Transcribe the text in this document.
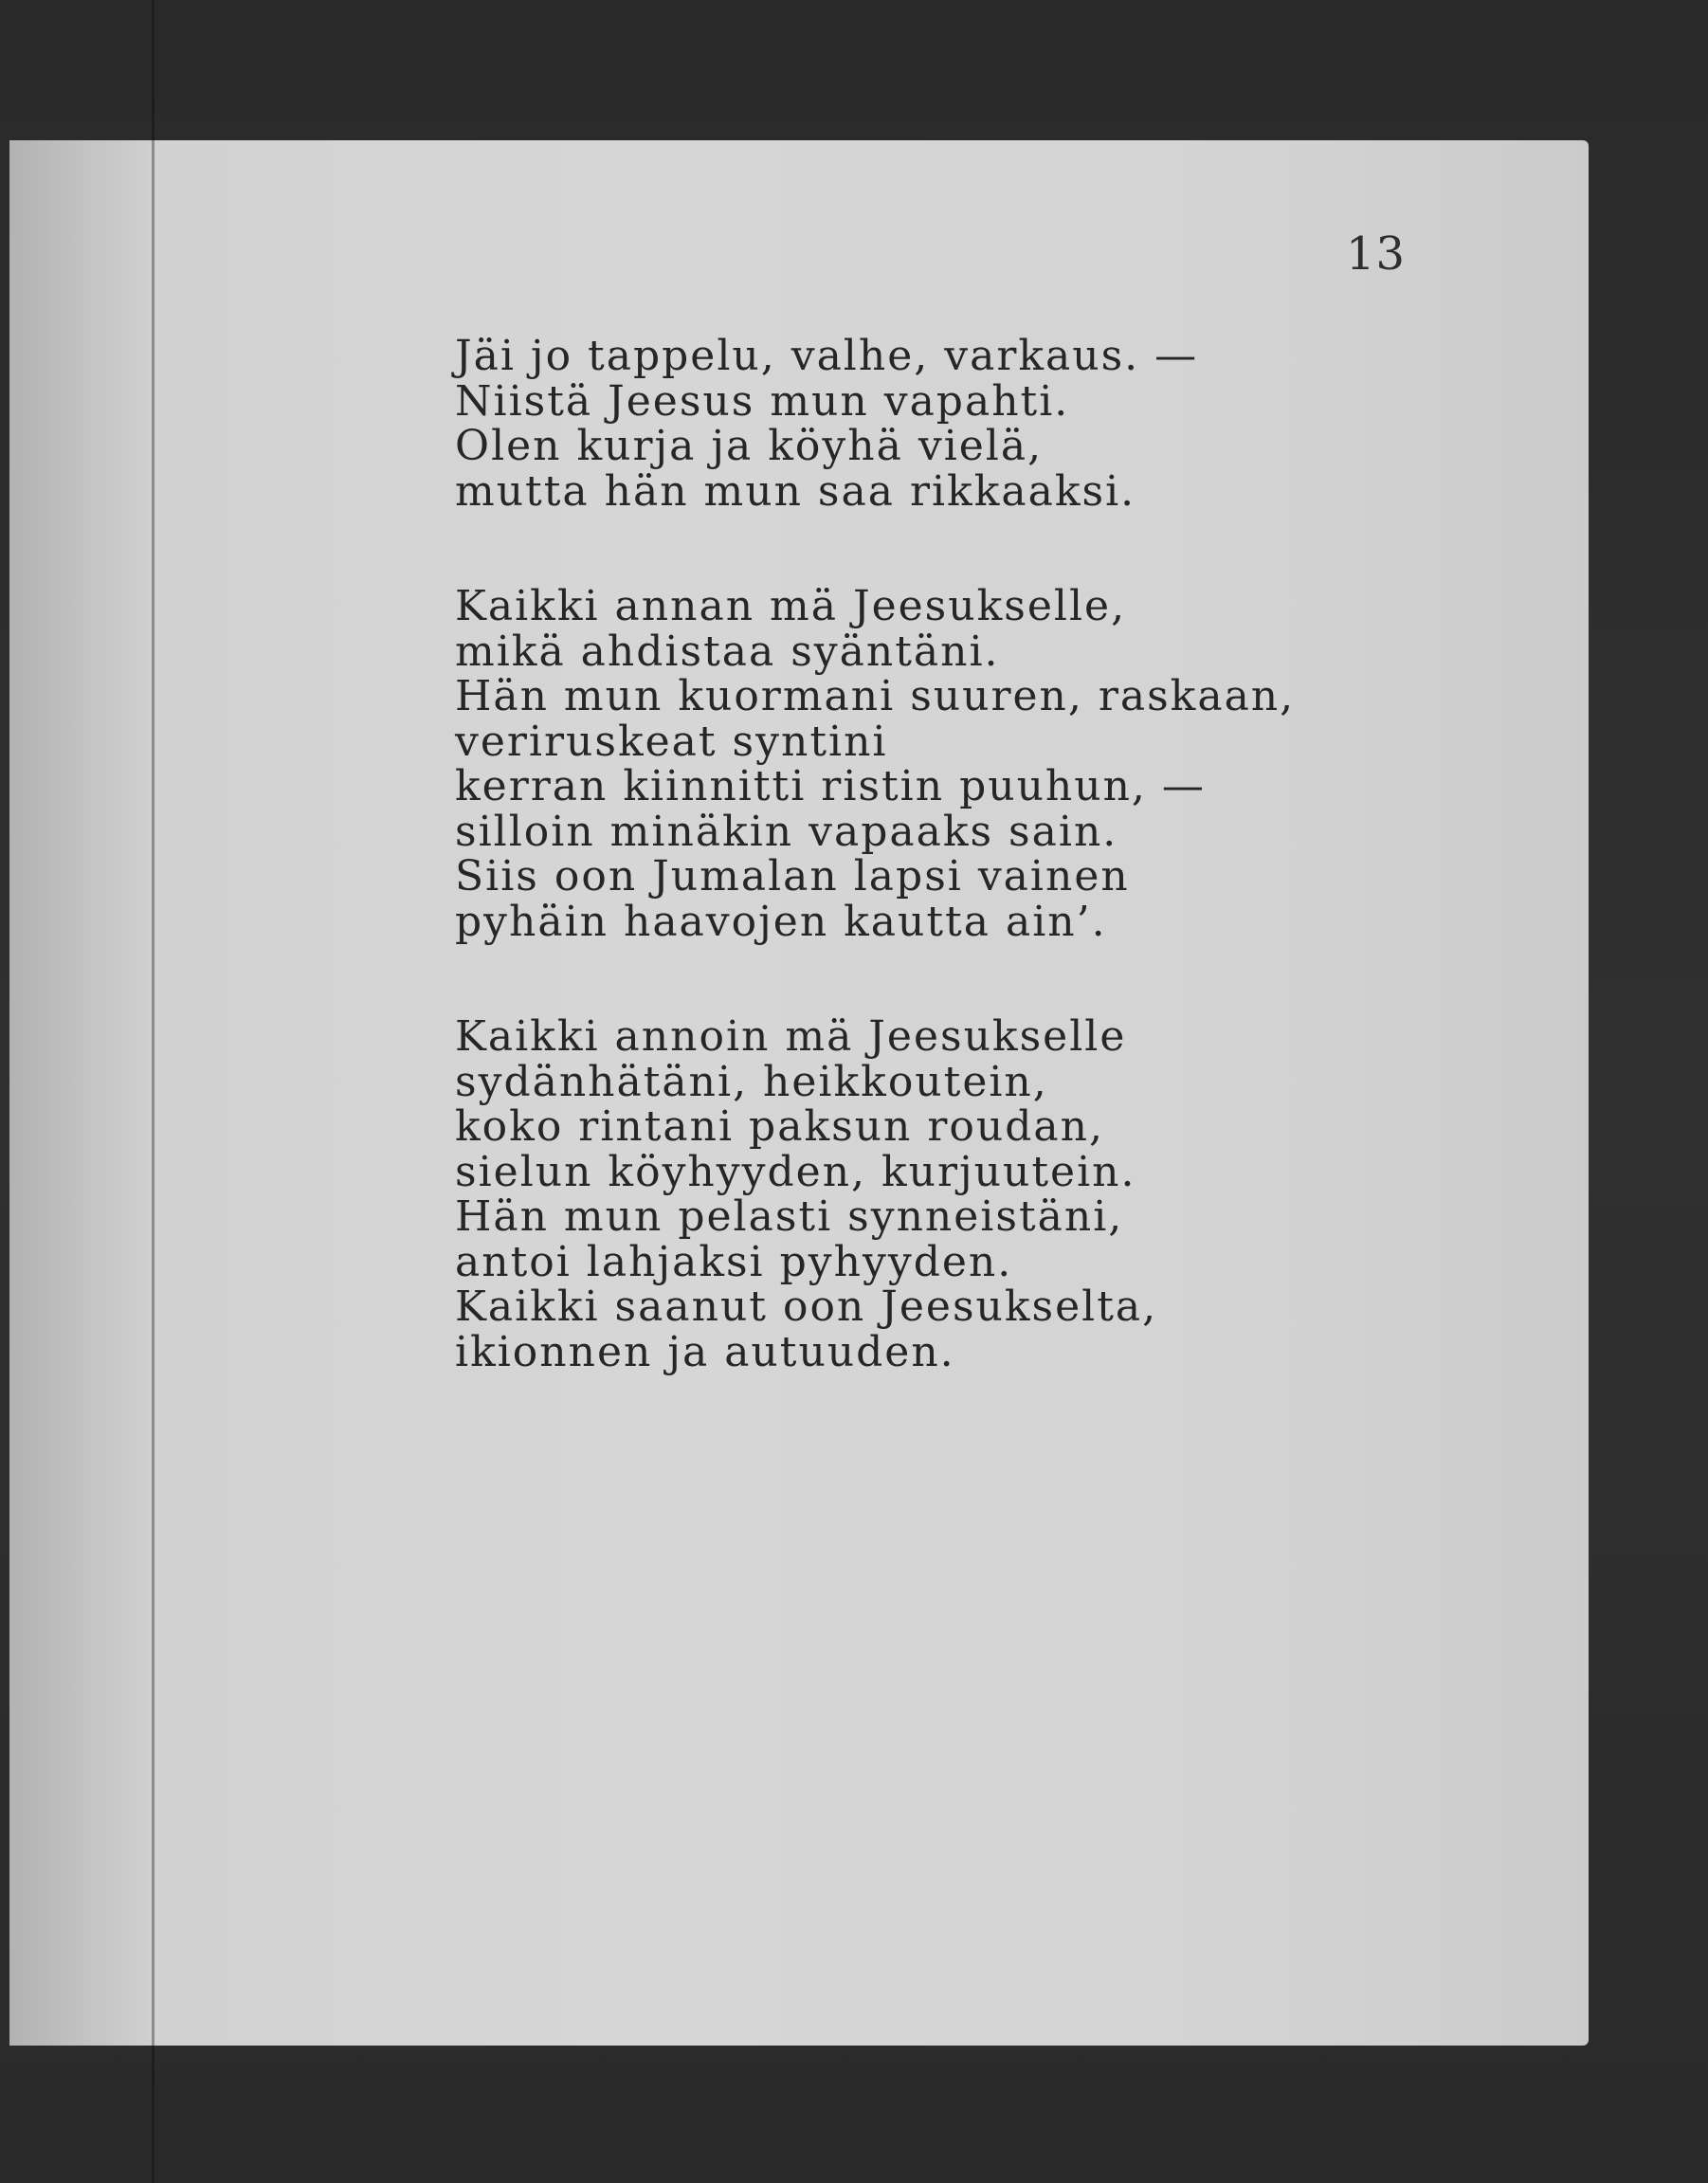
13

Jäi jo tappelu, valhe, varkaus. —
Niistä Jeesus mun vapahti.
Olen kurja ja köyhä vielä,
mutta hän mun saa rikkaaksi.

Kaikki annan mä Jeesukselle,
mikä ahdistaa syäntäni.
Hän mun kuormani suuren, raskaan,
veriruskeat syntini
kerran kiinnitti ristin puuhun, —
silloin minäkin vapaaks sain.
Siis oon Jumalan lapsi vainen
pyhäin haavojen kautta ain’.

Kaikki annoin mä Jeesukselle
sydänhätäni, heikkoutein,
koko rintani paksun roudan,
sielun köyhyyden, kurjuutein.
Hän mun pelasti synneistäni,
antoi lahjaksi pyhyyden.
Kaikki saanut oon Jeesukselta,
ikionnen ja autuuden.
